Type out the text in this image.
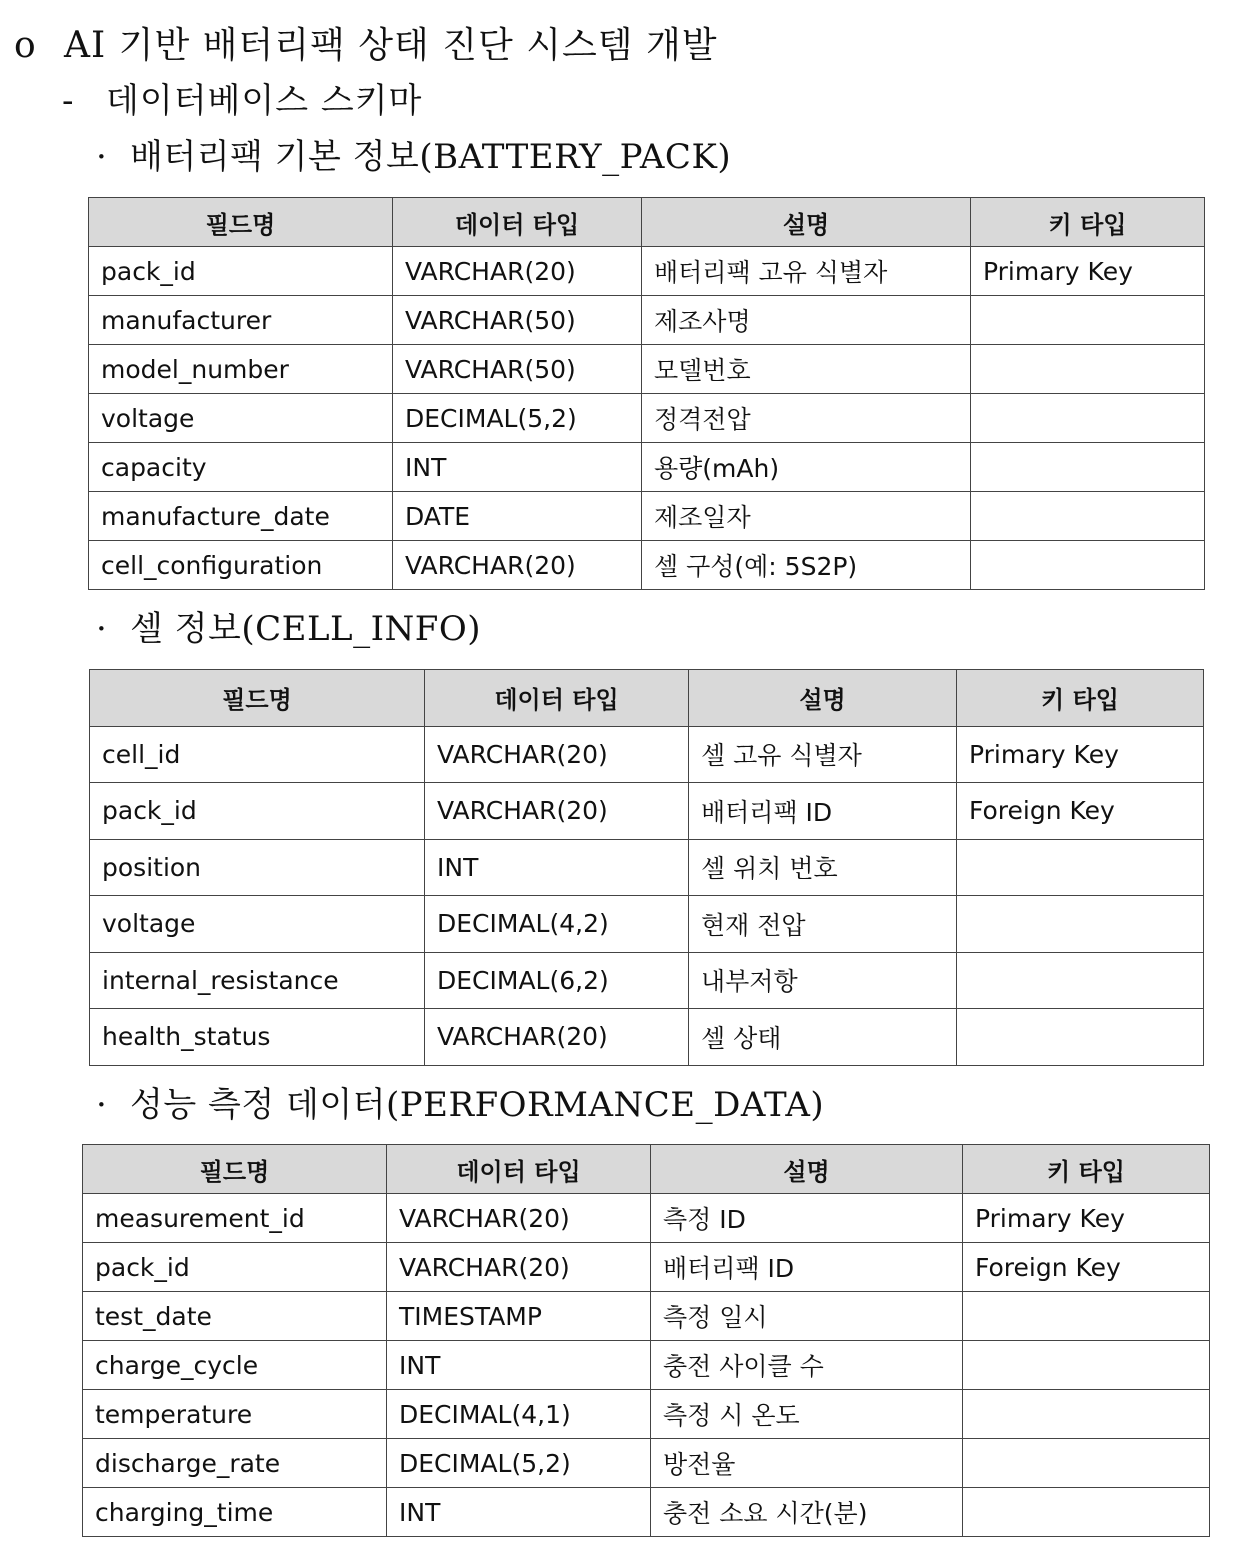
o AI 기반 배터리팩 상태 진단 시스템 개발
- 데이터베이스 스키마
· 배터리팩 기본 정보(BATTERY_PACK)
필드명	데이터 타입	설명	키 타입
pack_id	VARCHAR(20)	배터리팩 고유 식별자	Primary Key
manufacturer	VARCHAR(50)	제조사명	
model_number	VARCHAR(50)	모델번호	
voltage	DECIMAL(5,2)	정격전압	
capacity	INT	용량(mAh)	
manufacture_date	DATE	제조일자	
cell_configuration	VARCHAR(20)	셀 구성(예: 5S2P)	
· 셀 정보(CELL_INFO)
필드명	데이터 타입	설명	키 타입
cell_id	VARCHAR(20)	셀 고유 식별자	Primary Key
pack_id	VARCHAR(20)	배터리팩 ID	Foreign Key
position	INT	셀 위치 번호	
voltage	DECIMAL(4,2)	현재 전압	
internal_resistance	DECIMAL(6,2)	내부저항	
health_status	VARCHAR(20)	셀 상태	
· 성능 측정 데이터(PERFORMANCE_DATA)
필드명	데이터 타입	설명	키 타입
measurement_id	VARCHAR(20)	측정 ID	Primary Key
pack_id	VARCHAR(20)	배터리팩 ID	Foreign Key
test_date	TIMESTAMP	측정 일시	
charge_cycle	INT	충전 사이클 수	
temperature	DECIMAL(4,1)	측정 시 온도	
discharge_rate	DECIMAL(5,2)	방전율	
charging_time	INT	충전 소요 시간(분)	
